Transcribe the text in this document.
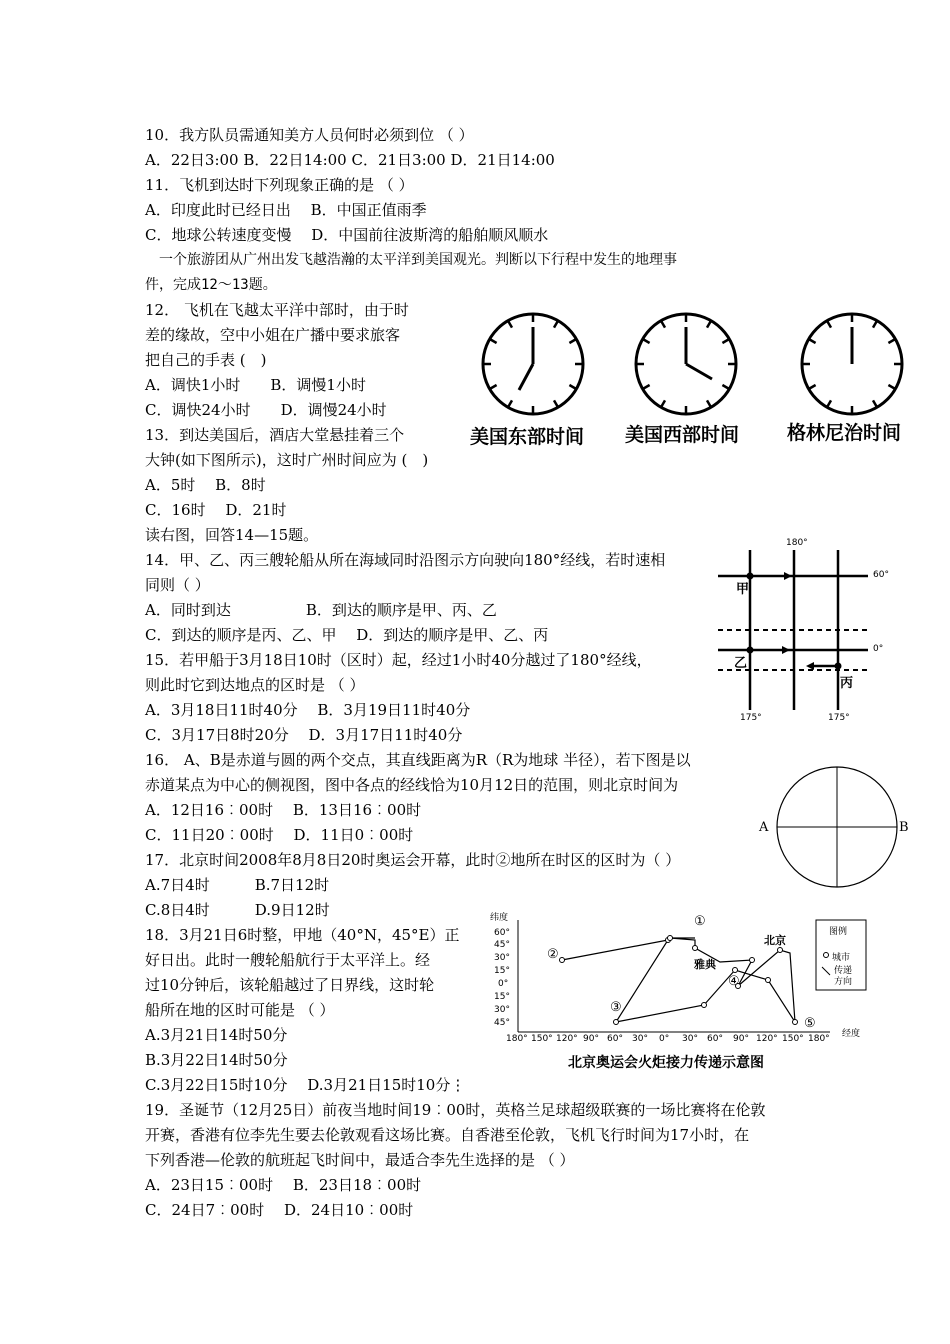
10．我方队员需通知美方人员何时必须到位 （ ）
A．22日3:00 B．22日14:00 C．21日3:00 D．21日14:00
11．飞机到达时下列现象正确的是 （ ）
A．印度此时已经日出　 B．中国正值雨季
C．地球公转速度变慢　 D．中国前往波斯湾的船舶顺风顺水
　一个旅游团从广州出发飞越浩瀚的太平洋到美国观光。判断以下行程中发生的地理事
件，完成12～13题。
12． 飞机在飞越太平洋中部时，由于时
差的缘故，空中小姐在广播中要求旅客
把自己的手表 (　)
A．调快1小时　　B．调慢1小时
C．调快24小时　　D．调慢24小时
13．到达美国后，酒店大堂悬挂着三个
大钟(如下图所示)，这时广州时间应为 (　)
A．5时　 B．8时
C．16时　 D．21时
读右图，回答14—15题。
14．甲、乙、丙三艘轮船从所在海域同时沿图示方向驶向180°经线，若时速相
同则（ ）
A．同时到达　　　　　B．到达的顺序是甲、丙、乙
C．到达的顺序是丙、乙、甲　 D．到达的顺序是甲、乙、丙
15．若甲船于3月18日10时（区时）起，经过1小时40分越过了180°经线，
则此时它到达地点的区时是 （ ）
A．3月18日11时40分　 B．3月19日11时40分
C．3月17日8时20分　 D．3月17日11时40分
16． A、B是赤道与圆的两个交点，其直线距离为R（R为地球 半径），若下图是以
赤道某点为中心的侧视图，图中各点的经线恰为10月12日的范围，则北京时间为
A．12日16︰00时　 B．13日16︰00时
C．11日20︰00时　 D．11日0︰00时
17．北京时间2008年8月8日20时奥运会开幕，此时②地所在时区的区时为（ ）
A.7日4时　　　B.7日12时
C.8日4时　　　D.9日12时
18．3月21日6时整，甲地（40°N，45°E）正
好日出。此时一艘轮船航行于太平洋上。经
过10分钟后，该轮船越过了日界线，这时轮
船所在地的区时可能是 （ ）
A.3月21日14时50分
B.3月22日14时50分
C.3月22日15时10分　 D.3月21日15时10分⋮
19．圣诞节（12月25日）前夜当地时间19︰00时，英格兰足球超级联赛的一场比赛将在伦敦
开赛，香港有位李先生要去伦敦观看这场比赛。自香港至伦敦，飞机飞行时间为17小时，在
下列香港—伦敦的航班起飞时间中，最适合李先生选择的是 （ ）
A．23日15︰00时　 B．23日18︰00时
C．24日7︰00时　 D．24日10︰00时
美国东部时间 美国西部时间	格林尼治时间
180°
60°
0°
甲
乙
丙
175°	175°
A	B
纬度
60°
45°
30°
15°
0°
15°
30°
45°
180° 150° 120° 90° 60° 30° 0° 30° 60° 90° 120° 150° 180° 经度
①
②
③
④
⑤
北京
雅典
图例
城市
传递方向
北京奥运会火炬接力传递示意图
